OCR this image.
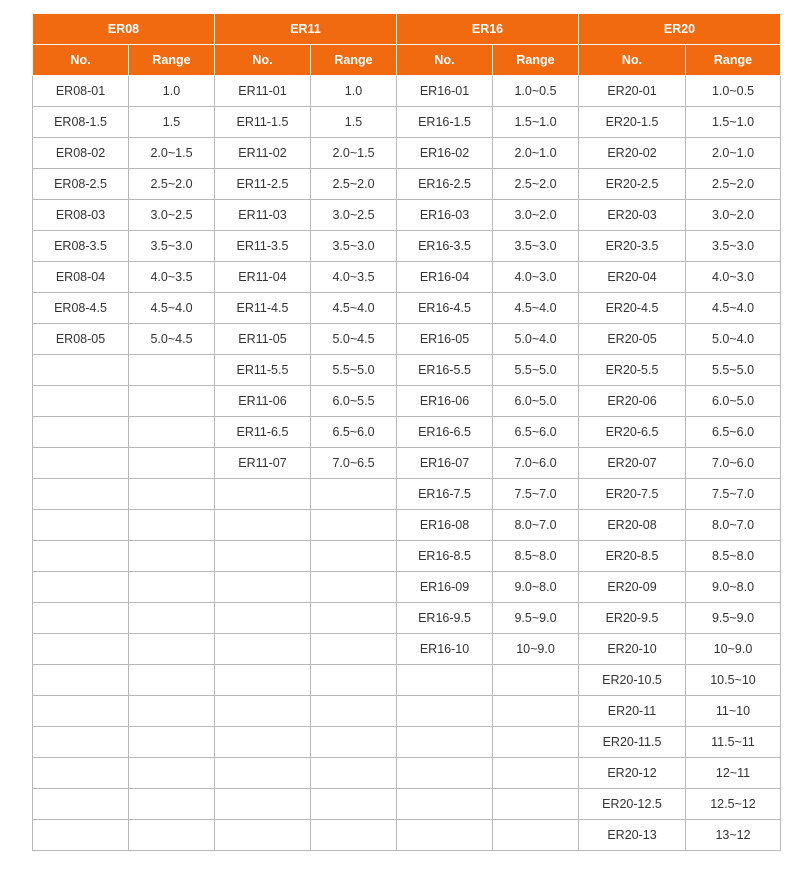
ER08		ER11		ER16		ER20	
No.	Range	No.	Range	No.	Range	No.	Range
ER08-01	1.0	ER11-01	1.0	ER16-01	1.0~0.5	ER20-01	1.0~0.5
ER08-1.5	1.5	ER11-1.5	1.5	ER16-1.5	1.5~1.0	ER20-1.5	1.5~1.0
ER08-02	2.0~1.5	ER11-02	2.0~1.5	ER16-02	2.0~1.0	ER20-02	2.0~1.0
ER08-2.5	2.5~2.0	ER11-2.5	2.5~2.0	ER16-2.5	2.5~2.0	ER20-2.5	2.5~2.0
ER08-03	3.0~2.5	ER11-03	3.0~2.5	ER16-03	3.0~2.0	ER20-03	3.0~2.0
ER08-3.5	3.5~3.0	ER11-3.5	3.5~3.0	ER16-3.5	3.5~3.0	ER20-3.5	3.5~3.0
ER08-04	4.0~3.5	ER11-04	4.0~3.5	ER16-04	4.0~3.0	ER20-04	4.0~3.0
ER08-4.5	4.5~4.0	ER11-4.5	4.5~4.0	ER16-4.5	4.5~4.0	ER20-4.5	4.5~4.0
ER08-05	5.0~4.5	ER11-05	5.0~4.5	ER16-05	5.0~4.0	ER20-05	5.0~4.0
		ER11-5.5	5.5~5.0	ER16-5.5	5.5~5.0	ER20-5.5	5.5~5.0
		ER11-06	6.0~5.5	ER16-06	6.0~5.0	ER20-06	6.0~5.0
		ER11-6.5	6.5~6.0	ER16-6.5	6.5~6.0	ER20-6.5	6.5~6.0
		ER11-07	7.0~6.5	ER16-07	7.0~6.0	ER20-07	7.0~6.0
				ER16-7.5	7.5~7.0	ER20-7.5	7.5~7.0
				ER16-08	8.0~7.0	ER20-08	8.0~7.0
				ER16-8.5	8.5~8.0	ER20-8.5	8.5~8.0
				ER16-09	9.0~8.0	ER20-09	9.0~8.0
				ER16-9.5	9.5~9.0	ER20-9.5	9.5~9.0
				ER16-10	10~9.0	ER20-10	10~9.0
						ER20-10.5	10.5~10
						ER20-11	11~10
						ER20-11.5	11.5~11
						ER20-12	12~11
						ER20-12.5	12.5~12
						ER20-13	13~12
